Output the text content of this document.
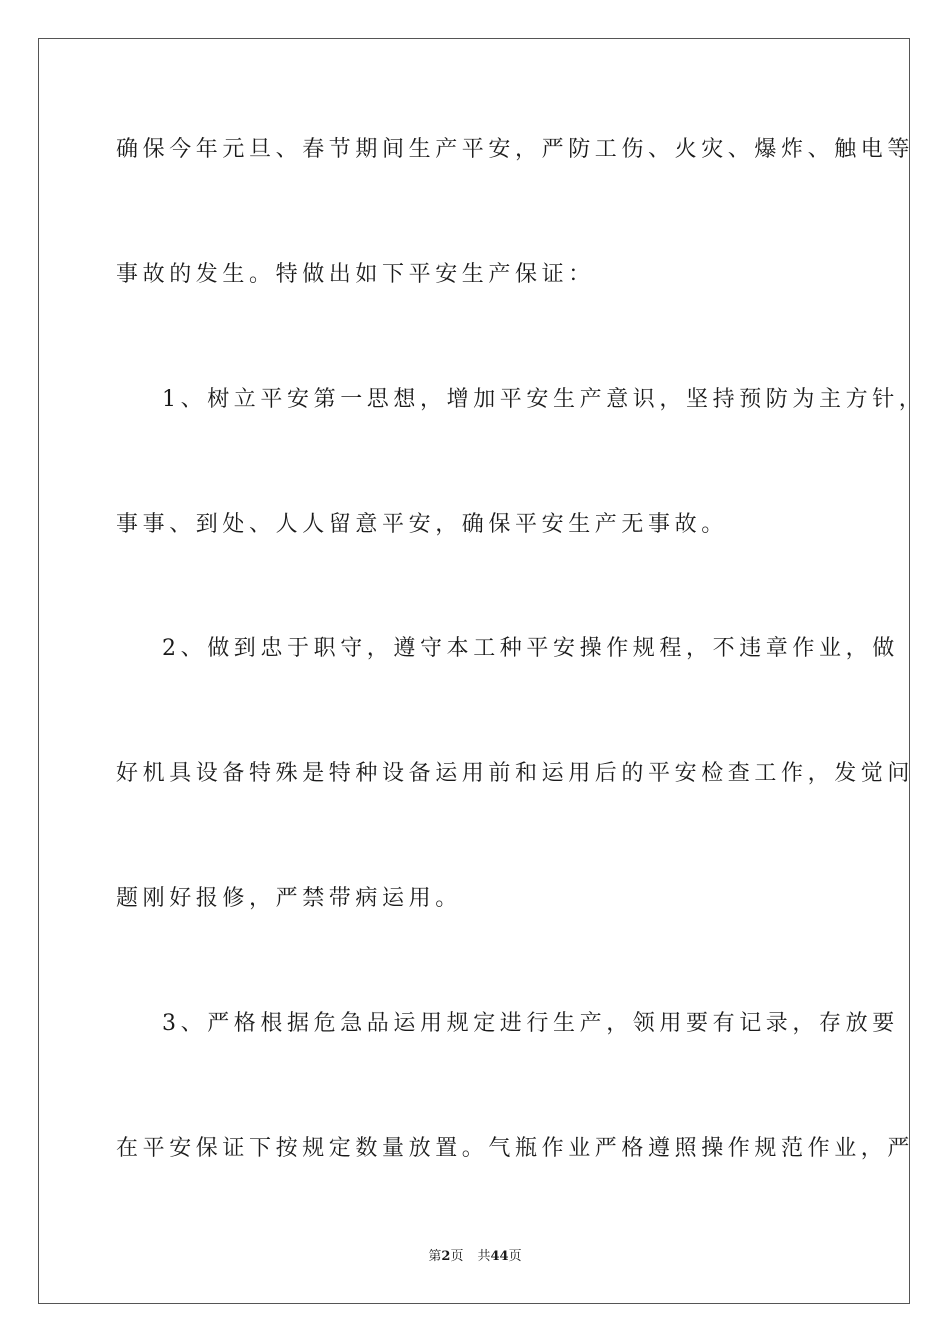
确保今年元旦、春节期间生产平安，严防工伤、火灾、爆炸、触电等
事故的发生。特做出如下平安生产保证：
1、树立平安第一思想，增加平安生产意识，坚持预防为主方针，
事事、到处、人人留意平安，确保平安生产无事故。
2、做到忠于职守，遵守本工种平安操作规程，不违章作业，做
好机具设备特殊是特种设备运用前和运用后的平安检查工作，发觉问
题刚好报修，严禁带病运用。
3、严格根据危急品运用规定进行生产，领用要有记录，存放要
在平安保证下按规定数量放置。气瓶作业严格遵照操作规范作业，严
第2页 共44页
